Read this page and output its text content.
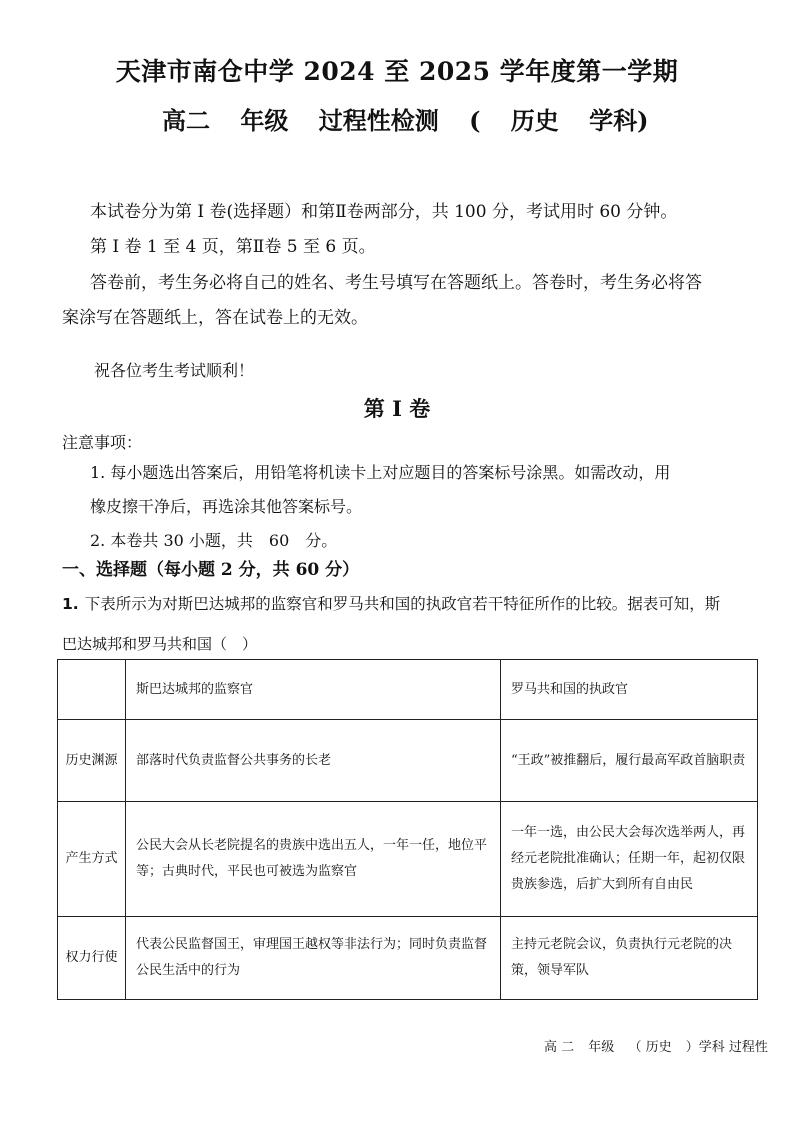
天津市南仓中学 2024 至 2025 学年度第一学期
高二 年级 过程性检测 ( 历史 学科)
本试卷分为第 I 卷(选择题）和第Ⅱ卷两部分，共 100 分，考试用时 60 分钟。
第 I 卷 1 至 4 页，第Ⅱ卷 5 至 6 页。
答卷前，考生务必将自己的姓名、考生号填写在答题纸上。答卷时，考生务必将答
案涂写在答题纸上，答在试卷上的无效。
祝各位考生考试顺利！
第 I 卷
注意事项：
1. 每小题选出答案后，用铅笔将机读卡上对应题目的答案标号涂黑。如需改动，用
橡皮擦干净后，再选涂其他答案标号。
2. 本卷共 30 小题，共　60　分。
一、选择题（每小题 2 分，共 60 分）
1. 下表所示为对斯巴达城邦的监察官和罗马共和国的执政官若干特征所作的比较。据表可知，斯
巴达城邦和罗马共和国（　）
	斯巴达城邦的监察官	罗马共和国的执政官
历史渊源	部落时代负责监督公共事务的长老	“王政”被推翻后，履行最高军政首脑职责
产生方式	公民大会从长老院提名的贵族中选出五人，一年一任，地位平等；古典时代，平民也可被选为监察官	一年一选，由公民大会每次选举两人，再经元老院批准确认；任期一年，起初仅限贵族参选，后扩大到所有自由民
权力行使	代表公民监督国王，审理国王越权等非法行为；同时负责监督公民生活中的行为	主持元老院会议，负责执行元老院的决策，领导军队
高 二 年级 （ 历史 ）学科 过程性
